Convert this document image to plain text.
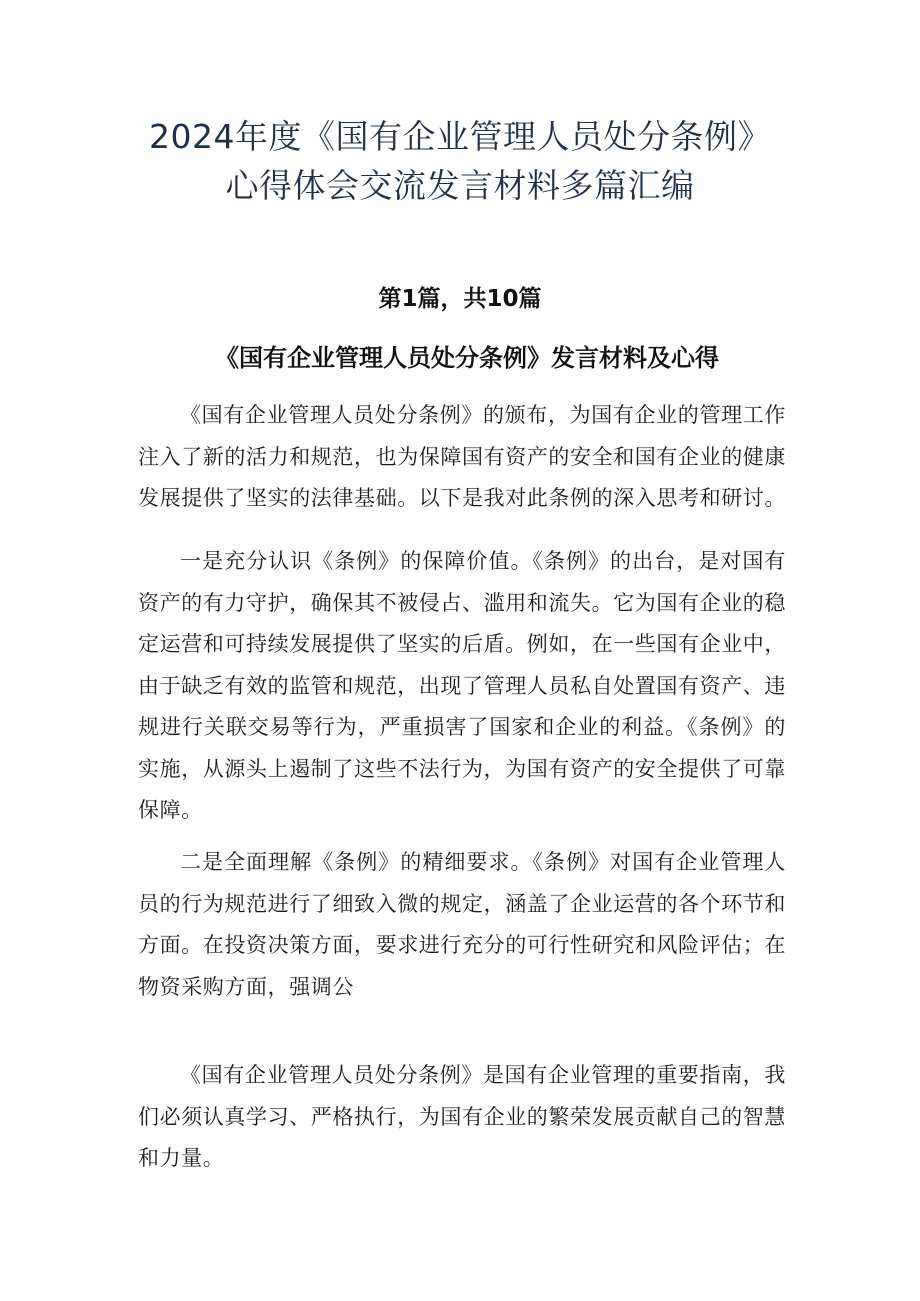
2024年度《国有企业管理人员处分条例》
心得体会交流发言材料多篇汇编
第1篇，共10篇
《国有企业管理人员处分条例》发言材料及心得

《国有企业管理人员处分条例》的颁布，为国有企业的管理工作注入了新的活力和规范，也为保障国有资产的安全和国有企业的健康发展提供了坚实的法律基础。以下是我对此条例的深入思考和研讨。

一是充分认识《条例》的保障价值。《条例》的出台，是对国有资产的有力守护，确保其不被侵占、滥用和流失。它为国有企业的稳定运营和可持续发展提供了坚实的后盾。例如，在一些国有企业中，由于缺乏有效的监管和规范，出现了管理人员私自处置国有资产、违规进行关联交易等行为，严重损害了国家和企业的利益。《条例》的实施，从源头上遏制了这些不法行为，为国有资产的安全提供了可靠保障。

二是全面理解《条例》的精细要求。《条例》对国有企业管理人员的行为规范进行了细致入微的规定，涵盖了企业运营的各个环节和方面。在投资决策方面，要求进行充分的可行性研究和风险评估；在物资采购方面，强调公

《国有企业管理人员处分条例》是国有企业管理的重要指南，我们必须认真学习、严格执行，为国有企业的繁荣发展贡献自己的智慧和力量。
